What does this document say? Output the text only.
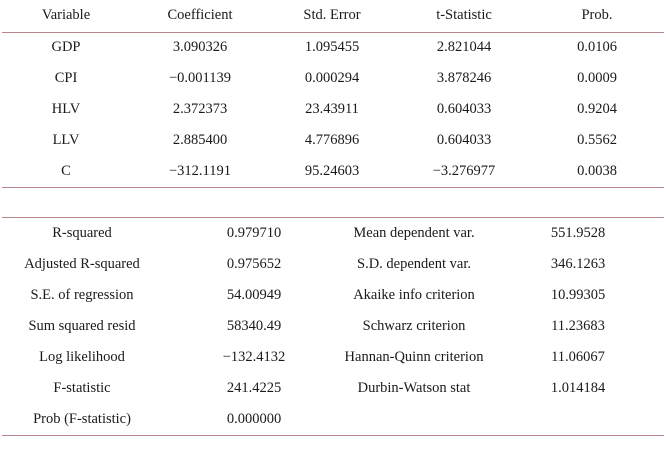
Variable	Coefficient	Std. Error	t-Statistic	Prob.
GDP	3.090326	1.095455	2.821044	0.0106
CPI	−0.001139	0.000294	3.878246	0.0009
HLV	2.372373	23.43911	0.604033	0.9204
LLV	2.885400	4.776896	0.604033	0.5562
C	−312.1191	95.24603	−3.276977	0.0038
R-squared	0.979710	Mean dependent var.	551.9528
Adjusted R-squared	0.975652	S.D. dependent var.	346.1263
S.E. of regression	54.00949	Akaike info criterion	10.99305
Sum squared resid	58340.49	Schwarz criterion	11.23683
Log likelihood	−132.4132	Hannan-Quinn criterion	11.06067
F-statistic	241.4225	Durbin-Watson stat	1.014184
Prob (F-statistic)	0.000000
